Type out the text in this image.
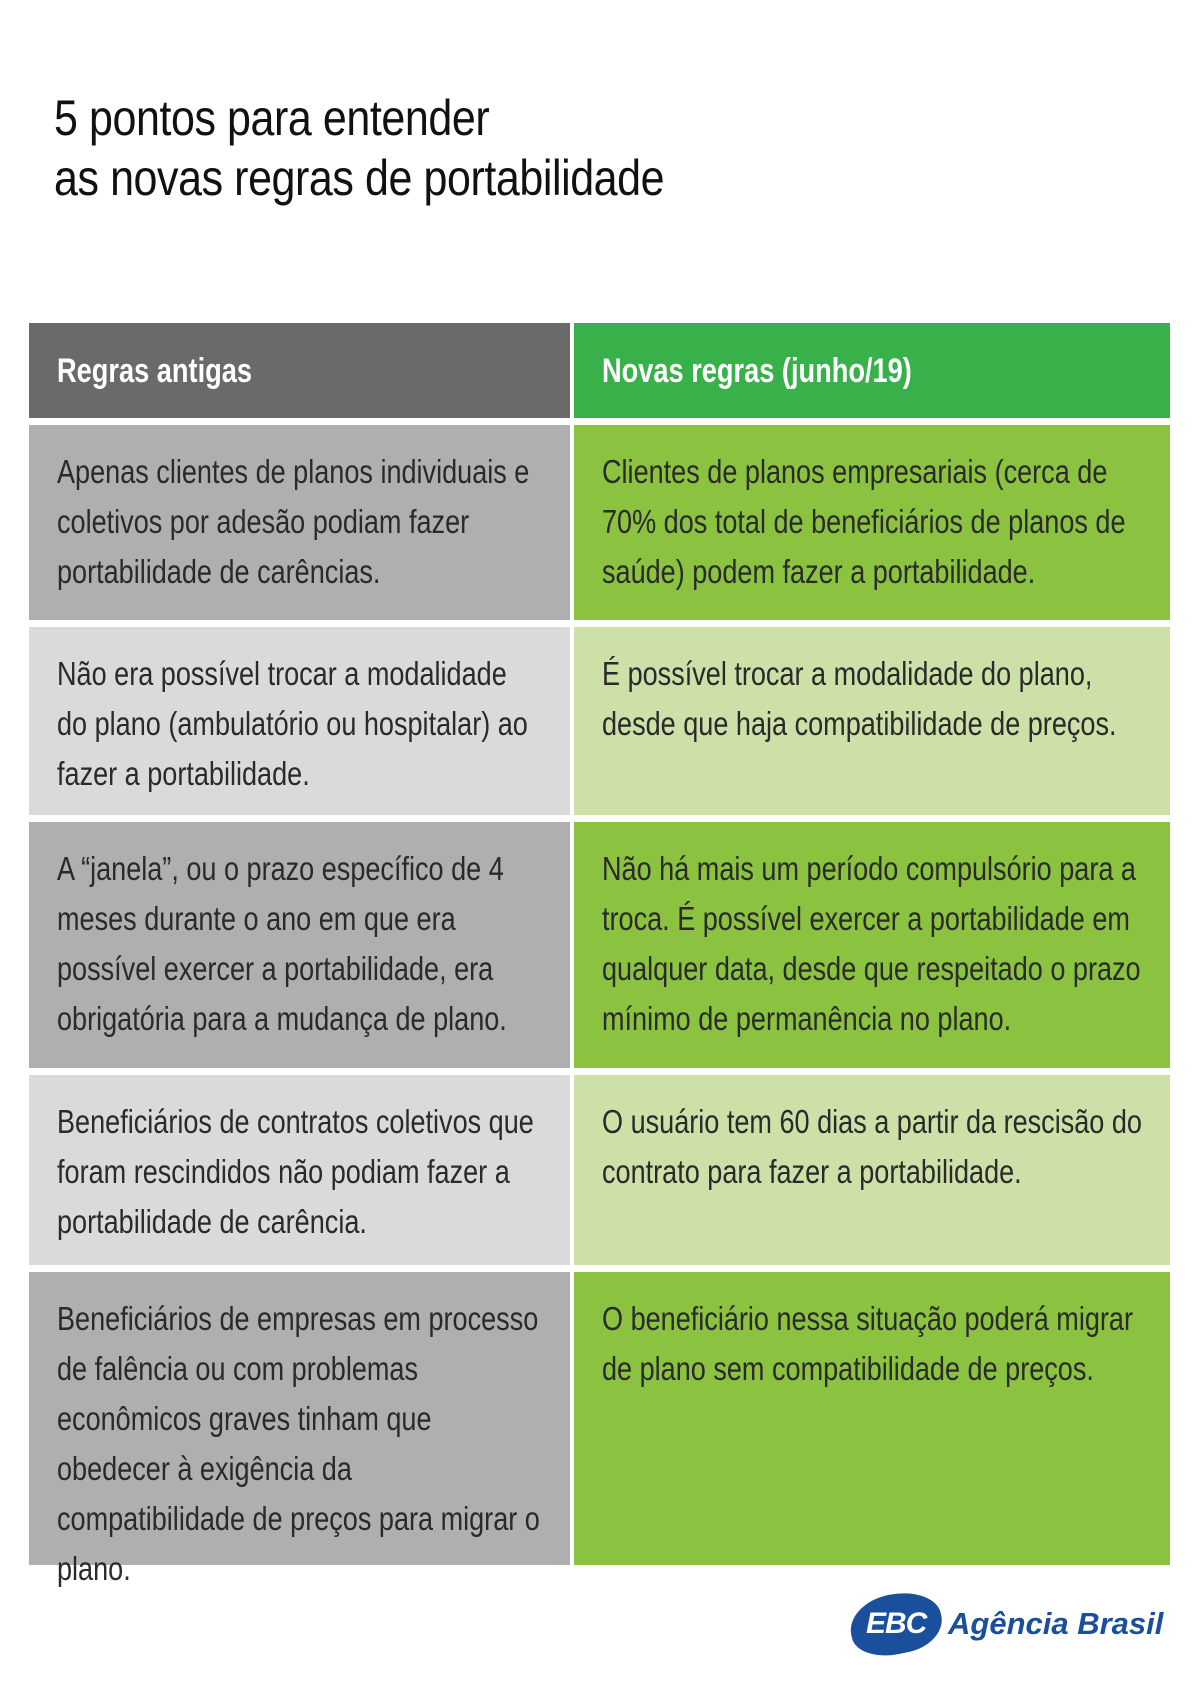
5 pontos para entender
as novas regras de portabilidade
Regras antigas	Novas regras (junho/19)
Apenas clientes de planos individuais e coletivos por adesão podiam fazer portabilidade de carências.
Clientes de planos empresariais (cerca de 70% dos total de beneficiários de planos de saúde) podem fazer a portabilidade.
Não era possível trocar a modalidade do plano (ambulatório ou hospitalar) ao fazer a portabilidade.
É possível trocar a modalidade do plano, desde que haja compatibilidade de preços.
A “janela”, ou o prazo específico de 4 meses durante o ano em que era possível exercer a portabilidade, era obrigatória para a mudança de plano.
Não há mais um período compulsório para a troca. É possível exercer a portabilidade em qualquer data, desde que respeitado o prazo mínimo de permanência no plano.
Beneficiários de contratos coletivos que foram rescindidos não podiam fazer a portabilidade de carência.
O usuário tem 60 dias a partir da rescisão do contrato para fazer a portabilidade.
Beneficiários de empresas em processo de falência ou com problemas econômicos graves tinham que obedecer à exigência da compatibilidade de preços para migrar o plano.
O beneficiário nessa situação poderá migrar de plano sem compatibilidade de preços.
EBC Agência Brasil
